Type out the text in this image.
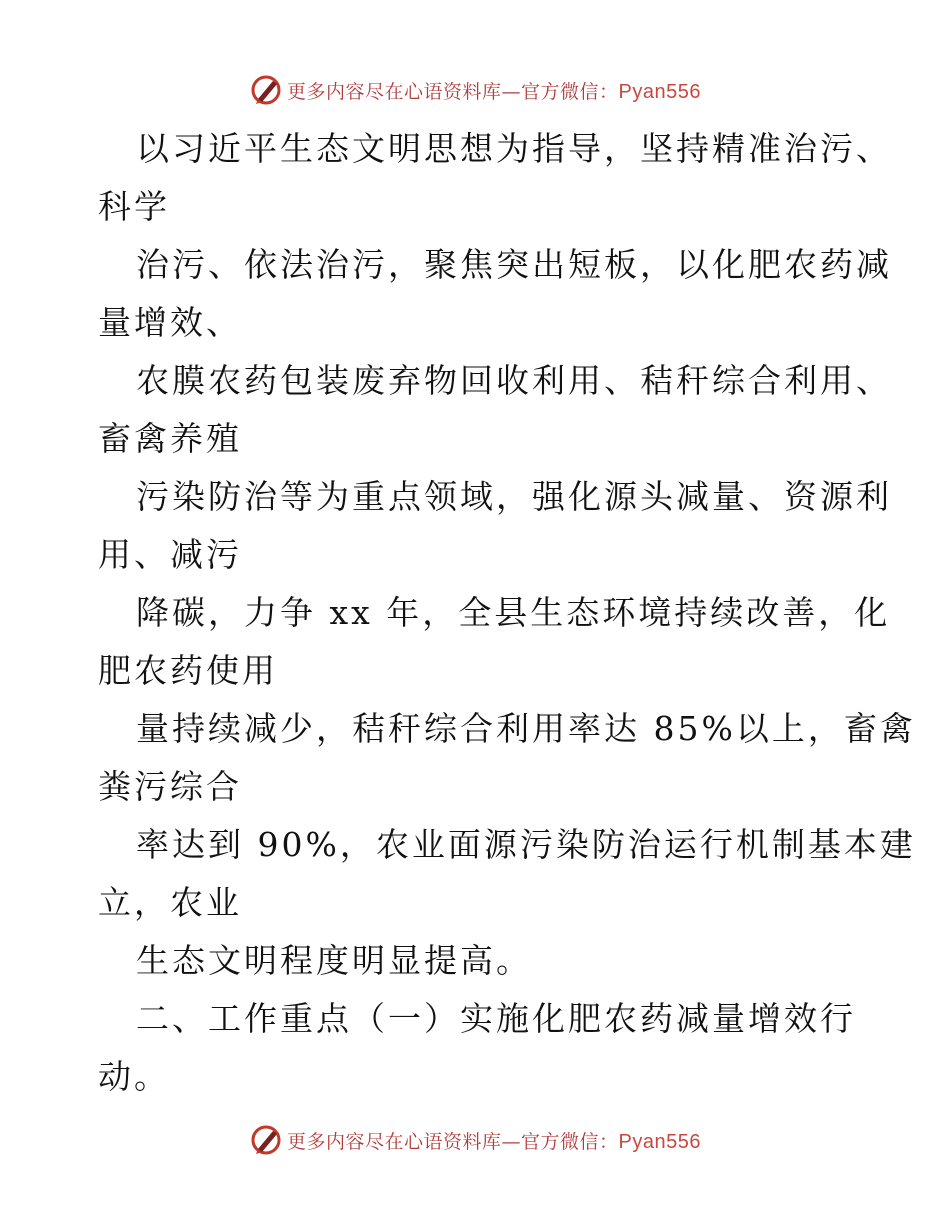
更多内容尽在心语资料库—官方微信：Pyan556
以习近平生态文明思想为指导，坚持精准治污、
科学
治污、依法治污，聚焦突出短板，以化肥农药减
量增效、
农膜农药包装废弃物回收利用、秸秆综合利用、
畜禽养殖
污染防治等为重点领域，强化源头减量、资源利
用、减污
降碳，力争 xx 年，全县生态环境持续改善，化
肥农药使用
量持续减少，秸秆综合利用率达 85%以上，畜禽
粪污综合
率达到 90%，农业面源污染防治运行机制基本建
立，农业
生态文明程度明显提高。
二、工作重点（一）实施化肥农药减量增效行
动。
更多内容尽在心语资料库—官方微信：Pyan556
